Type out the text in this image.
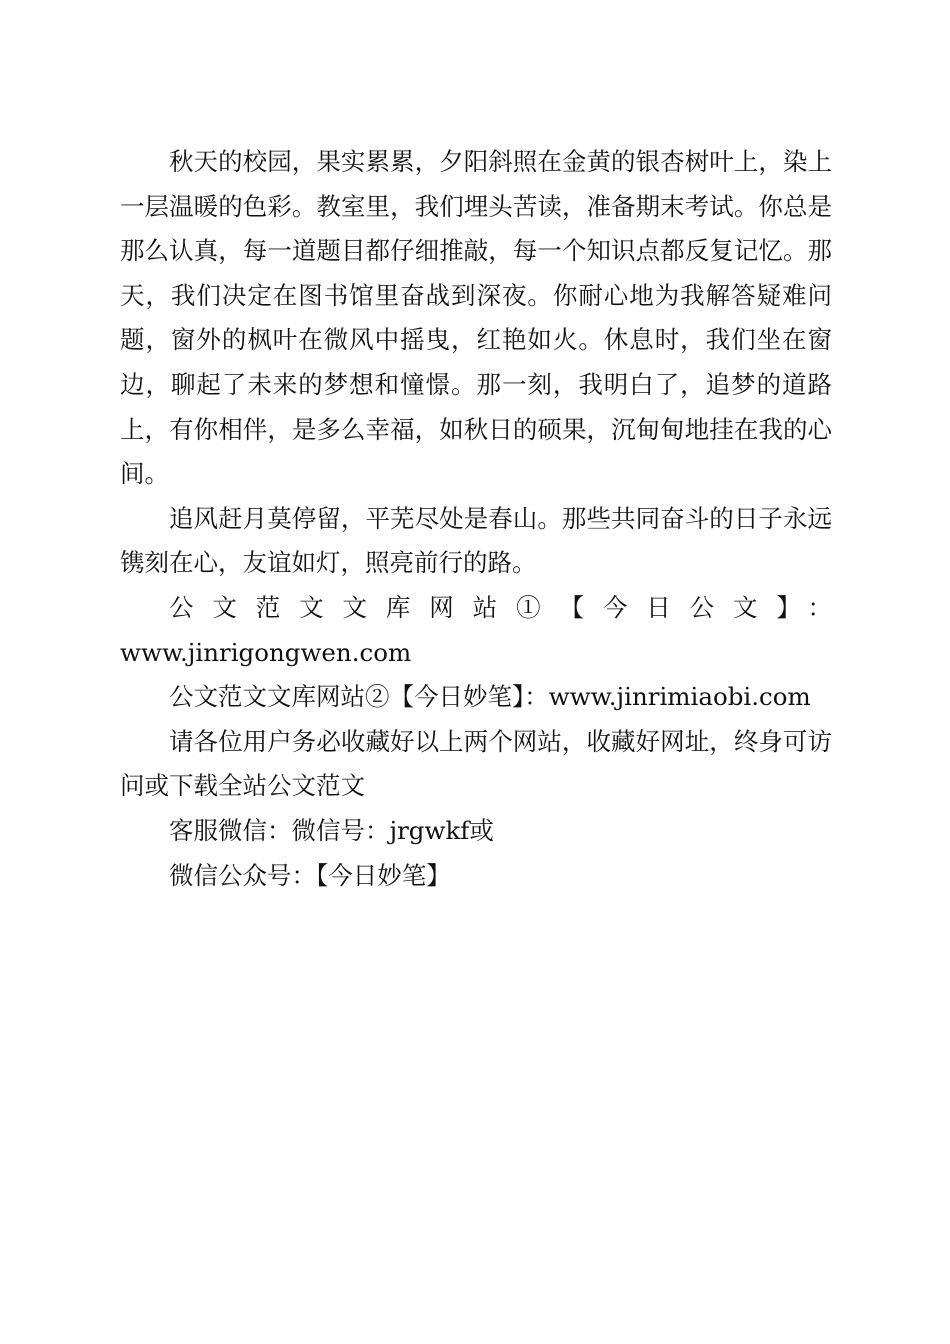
秋天的校园，果实累累，夕阳斜照在金黄的银杏树叶上，染上一层温暖的色彩。教室里，我们埋头苦读，准备期末考试。你总是那么认真，每一道题目都仔细推敲，每一个知识点都反复记忆。那天，我们决定在图书馆里奋战到深夜。你耐心地为我解答疑难问题，窗外的枫叶在微风中摇曳，红艳如火。休息时，我们坐在窗边，聊起了未来的梦想和憧憬。那一刻，我明白了，追梦的道路上，有你相伴，是多么幸福，如秋日的硕果，沉甸甸地挂在我的心间。

追风赶月莫停留，平芜尽处是春山。那些共同奋斗的日子永远镌刻在心，友谊如灯，照亮前行的路。

公文范文文库网站①【今日公文】：
www.jinrigongwen.com

公文范文文库网站②【今日妙笔】：www.jinrimiaobi.com

请各位用户务必收藏好以上两个网站，收藏好网址，终身可访问或下载全站公文范文

客服微信：微信号：jrgwkf或

微信公众号：【今日妙笔】
